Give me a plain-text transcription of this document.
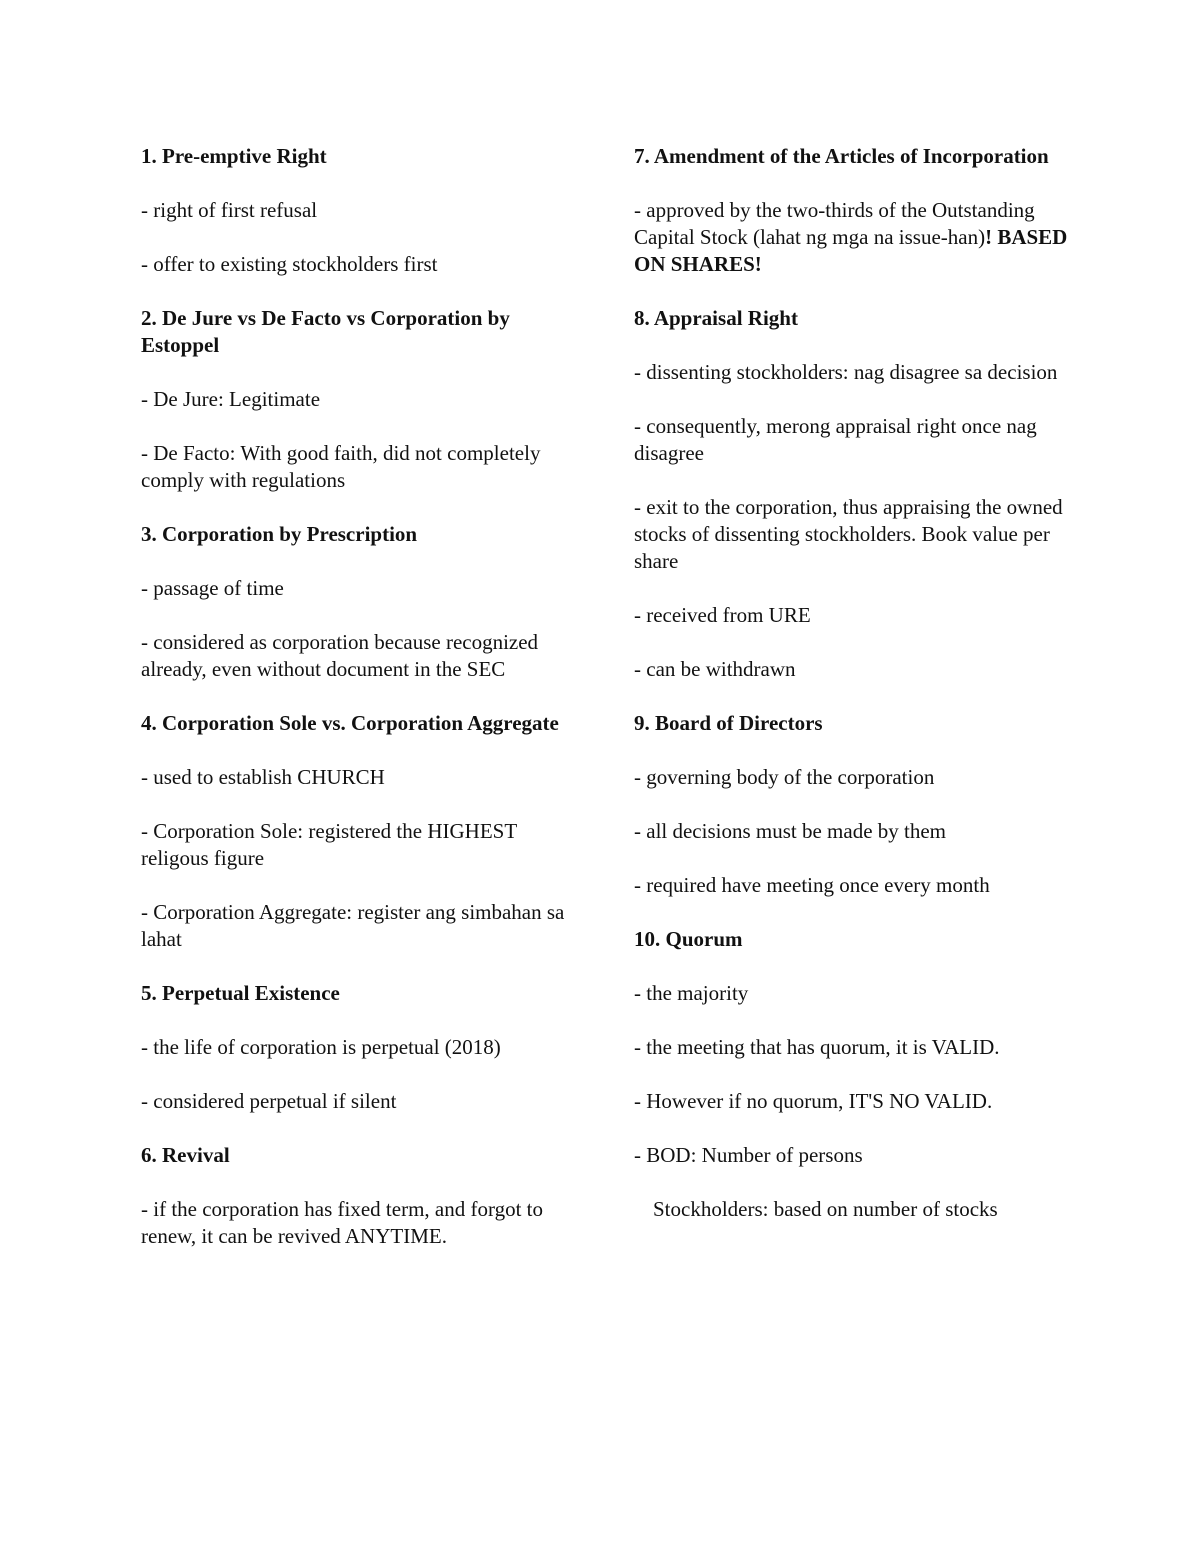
1. Pre-emptive Right

- right of first refusal

- offer to existing stockholders first

2. De Jure vs De Facto vs Corporation by Estoppel

- De Jure: Legitimate

- De Facto: With good faith, did not completely comply with regulations

3. Corporation by Prescription

- passage of time

- considered as corporation because recognized already, even without document in the SEC

4. Corporation Sole vs. Corporation Aggregate

- used to establish CHURCH

- Corporation Sole: registered the HIGHEST religous figure

- Corporation Aggregate: register ang simbahan sa lahat

5. Perpetual Existence

- the life of corporation is perpetual (2018)

- considered perpetual if silent

6. Revival

- if the corporation has fixed term, and forgot to renew, it can be revived ANYTIME.

7. Amendment of the Articles of Incorporation

- approved by the two-thirds of the Outstanding Capital Stock (lahat ng mga na issue-han)! BASED ON SHARES!

8. Appraisal Right

- dissenting stockholders: nag disagree sa decision

- consequently, merong appraisal right once nag disagree

- exit to the corporation, thus appraising the owned stocks of dissenting stockholders. Book value per share

- received from URE

- can be withdrawn

9. Board of Directors

- governing body of the corporation

- all decisions must be made by them

- required have meeting once every month

10. Quorum

- the majority

- the meeting that has quorum, it is VALID.

- However if no quorum, IT'S NO VALID.

- BOD: Number of persons

Stockholders: based on number of stocks
